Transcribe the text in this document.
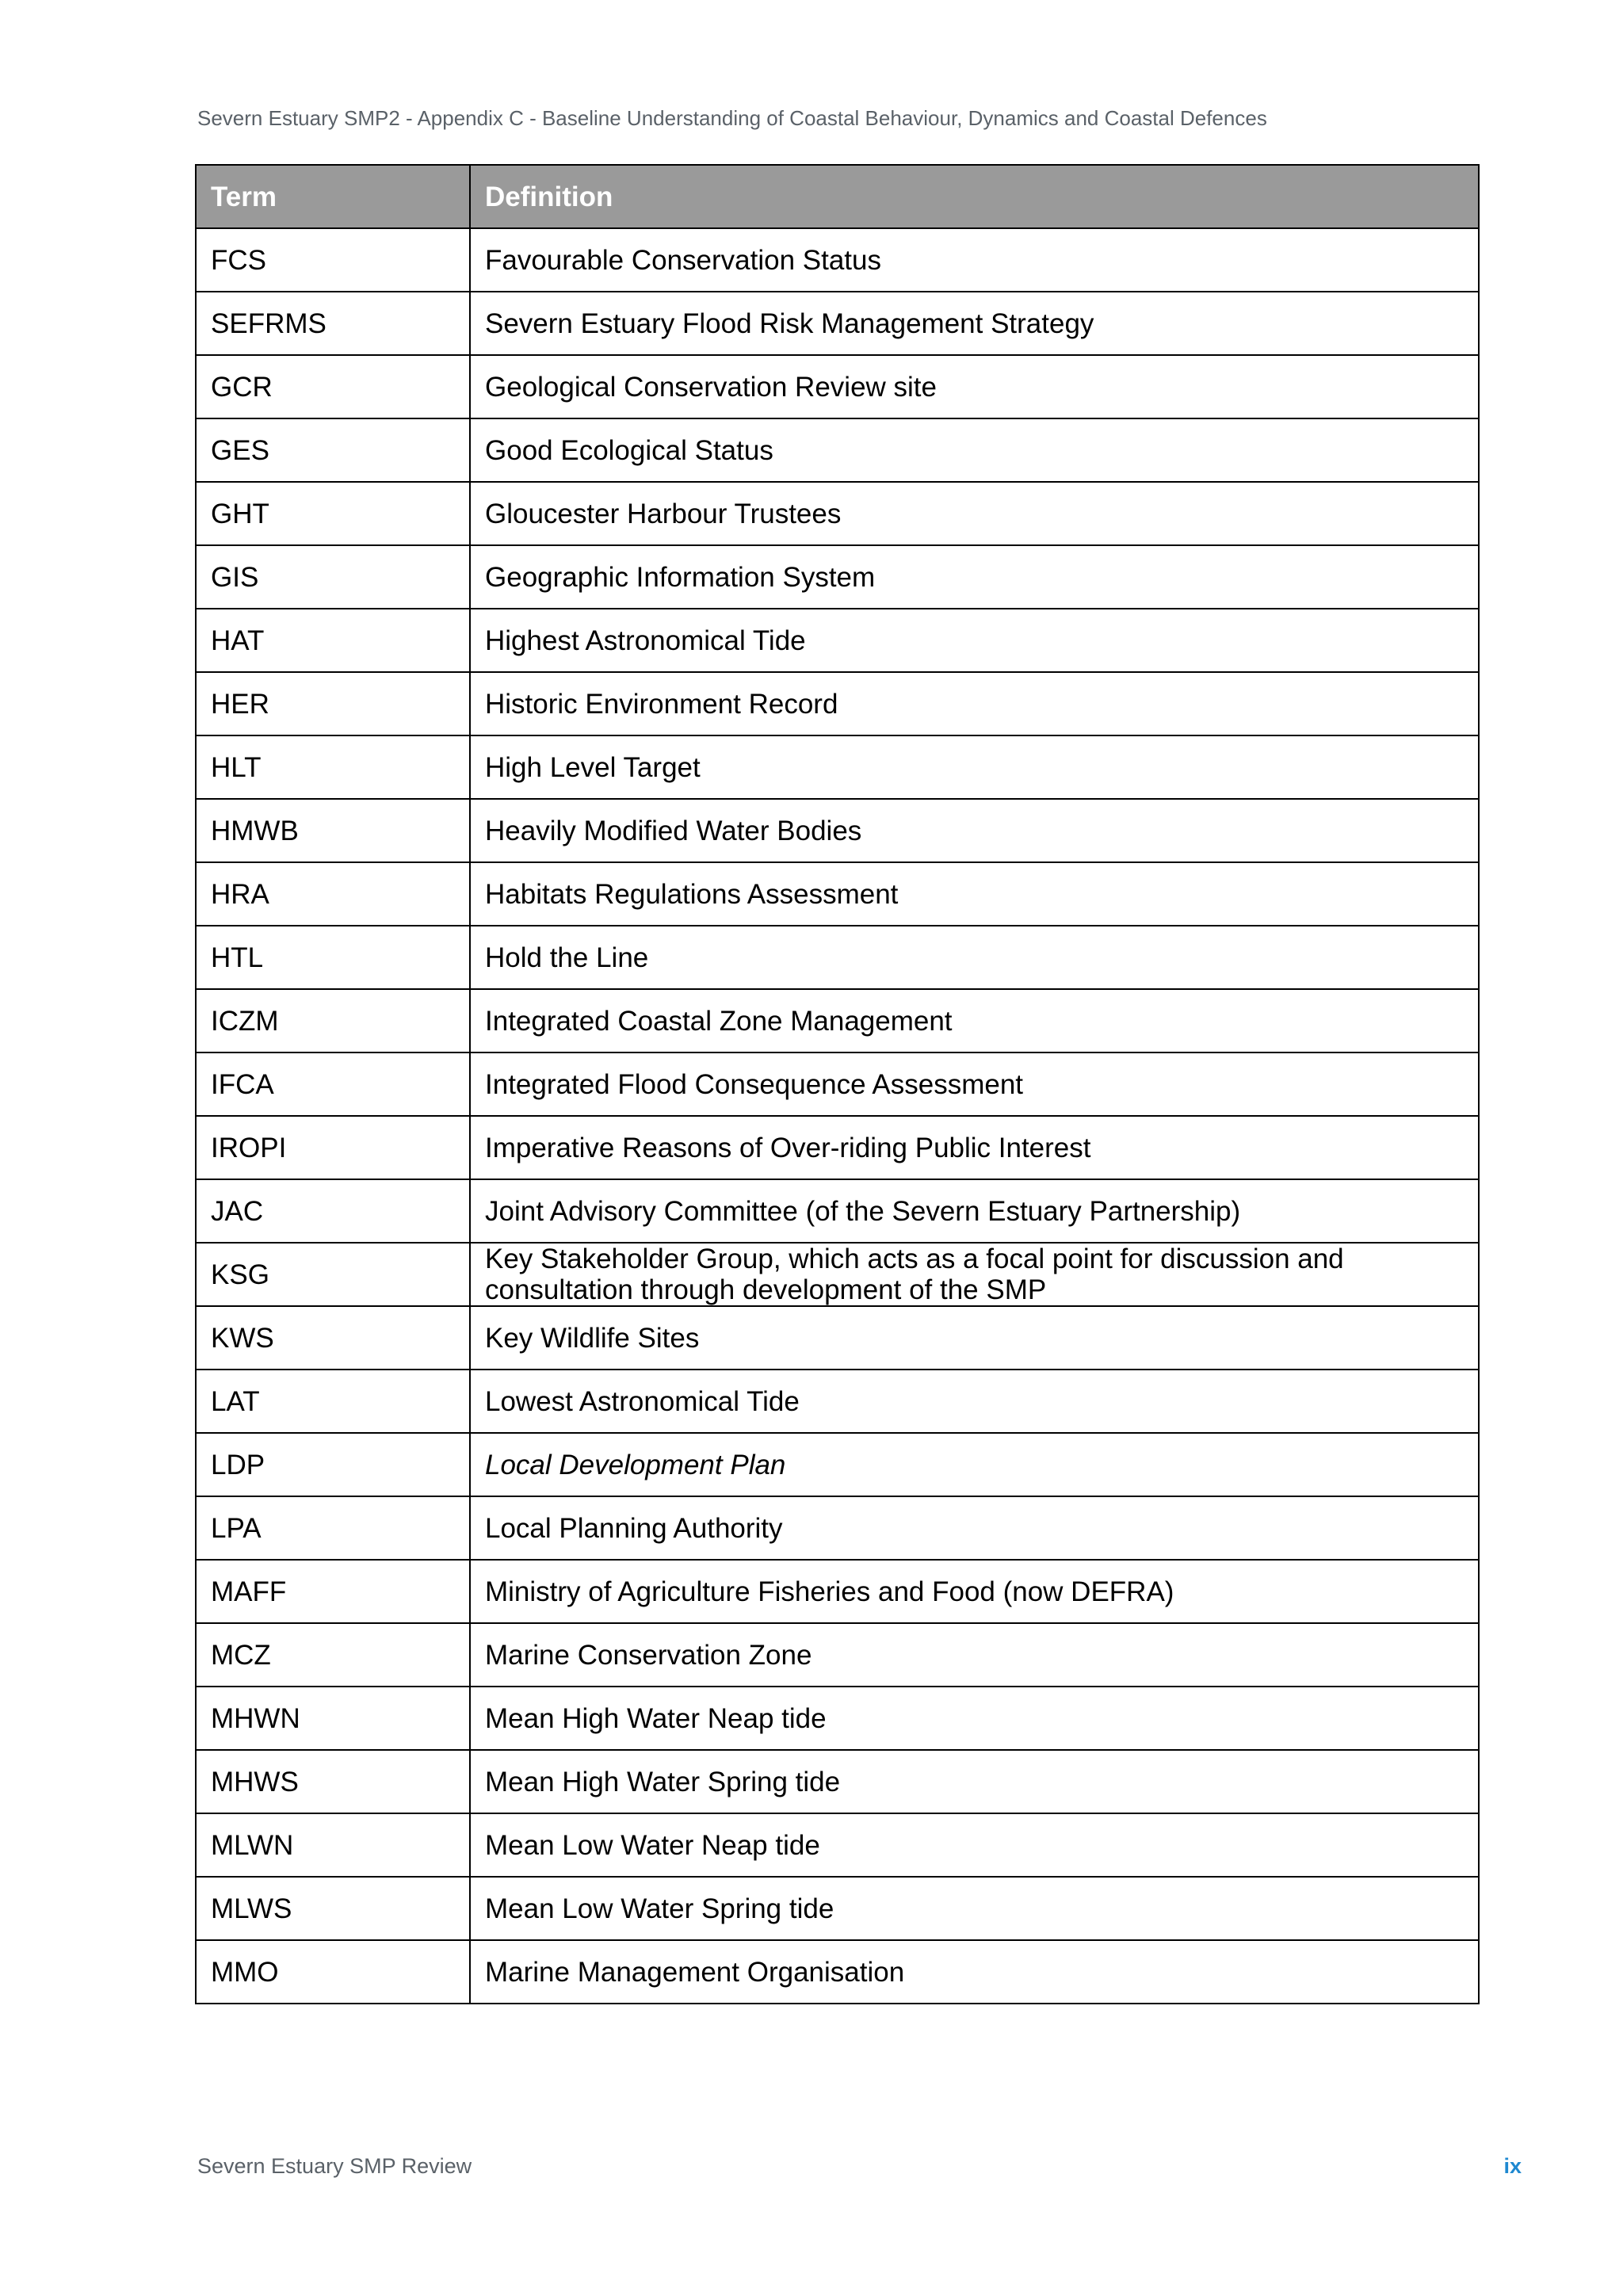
Severn Estuary SMP2 - Appendix C - Baseline Understanding of Coastal Behaviour, Dynamics and Coastal Defences
Term	Definition
FCS	Favourable Conservation Status
SEFRMS	Severn Estuary Flood Risk Management Strategy
GCR	Geological Conservation Review site
GES	Good Ecological Status
GHT	Gloucester Harbour Trustees
GIS	Geographic Information System
HAT	Highest Astronomical Tide
HER	Historic Environment Record
HLT	High Level Target
HMWB	Heavily Modified Water Bodies
HRA	Habitats Regulations Assessment
HTL	Hold the Line
ICZM	Integrated Coastal Zone Management
IFCA	Integrated Flood Consequence Assessment
IROPI	Imperative Reasons of Over-riding Public Interest
JAC	Joint Advisory Committee (of the Severn Estuary Partnership)
KSG	Key Stakeholder Group, which acts as a focal point for discussion and consultation through development of the SMP
KWS	Key Wildlife Sites
LAT	Lowest Astronomical Tide
LDP	Local Development Plan
LPA	Local Planning Authority
MAFF	Ministry of Agriculture Fisheries and Food (now DEFRA)
MCZ	Marine Conservation Zone
MHWN	Mean High Water Neap tide
MHWS	Mean High Water Spring tide
MLWN	Mean Low Water Neap tide
MLWS	Mean Low Water Spring tide
MMO	Marine Management Organisation
Severn Estuary SMP Review	ix
